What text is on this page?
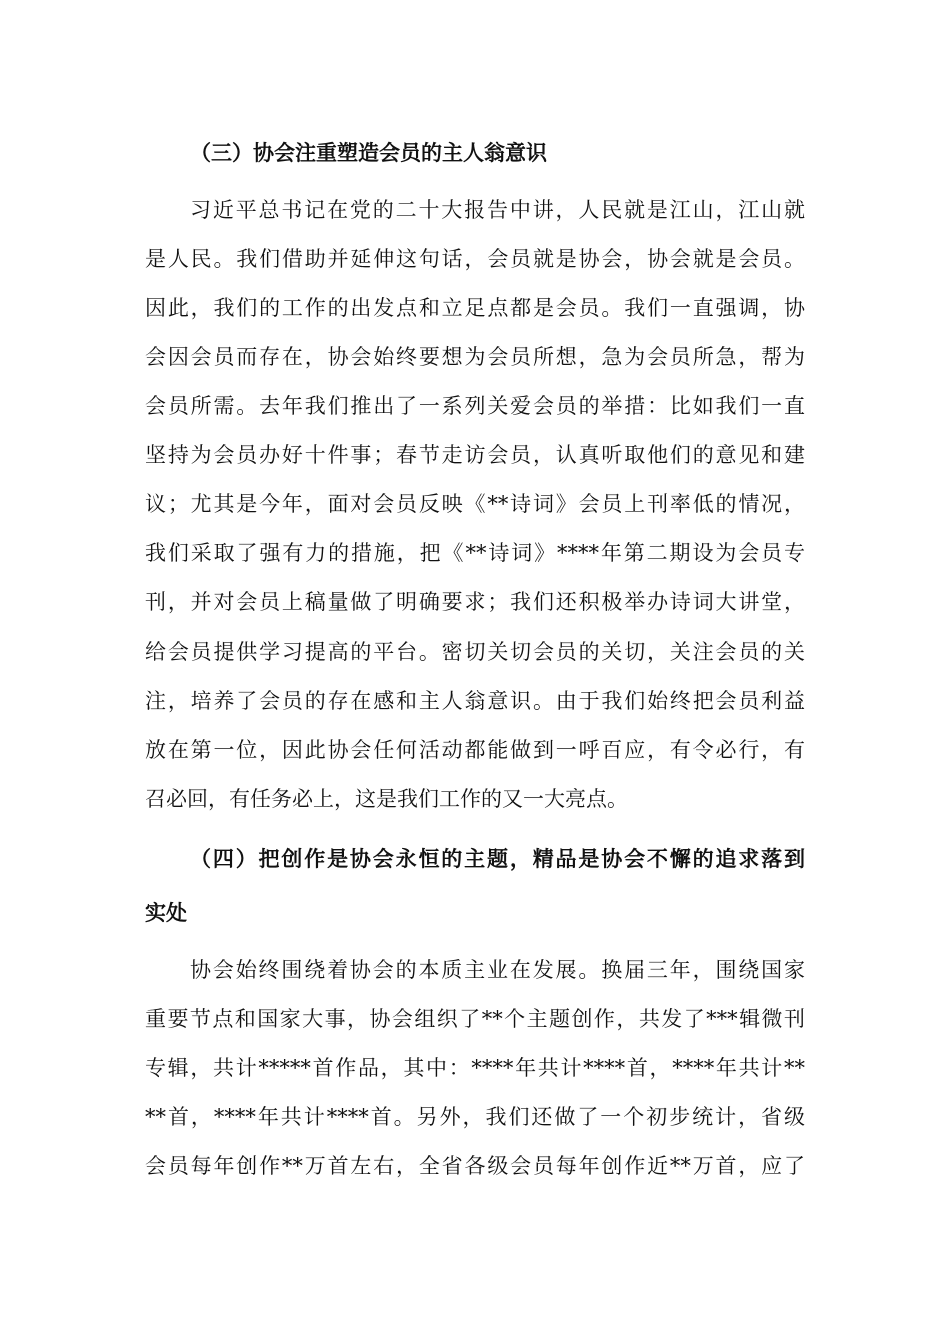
（三）协会注重塑造会员的主人翁意识
习近平总书记在党的二十大报告中讲，人民就是江山，江山就
是人民。我们借助并延伸这句话，会员就是协会，协会就是会员。
因此，我们的工作的出发点和立足点都是会员。我们一直强调，协
会因会员而存在，协会始终要想为会员所想，急为会员所急，帮为
会员所需。去年我们推出了一系列关爱会员的举措：比如我们一直
坚持为会员办好十件事；春节走访会员，认真听取他们的意见和建
议；尤其是今年，面对会员反映《**诗词》会员上刊率低的情况，
我们采取了强有力的措施，把《**诗词》****年第二期设为会员专
刊，并对会员上稿量做了明确要求；我们还积极举办诗词大讲堂，
给会员提供学习提高的平台。密切关切会员的关切，关注会员的关
注，培养了会员的存在感和主人翁意识。由于我们始终把会员利益
放在第一位，因此协会任何活动都能做到一呼百应，有令必行，有
召必回，有任务必上，这是我们工作的又一大亮点。
（四）把创作是协会永恒的主题，精品是协会不懈的追求落到
实处
协会始终围绕着协会的本质主业在发展。换届三年，围绕国家
重要节点和国家大事，协会组织了**个主题创作，共发了***辑微刊
专辑，共计*****首作品，其中：****年共计****首，****年共计**
**首，****年共计****首。另外，我们还做了一个初步统计，省级
会员每年创作**万首左右，全省各级会员每年创作近**万首，应了
